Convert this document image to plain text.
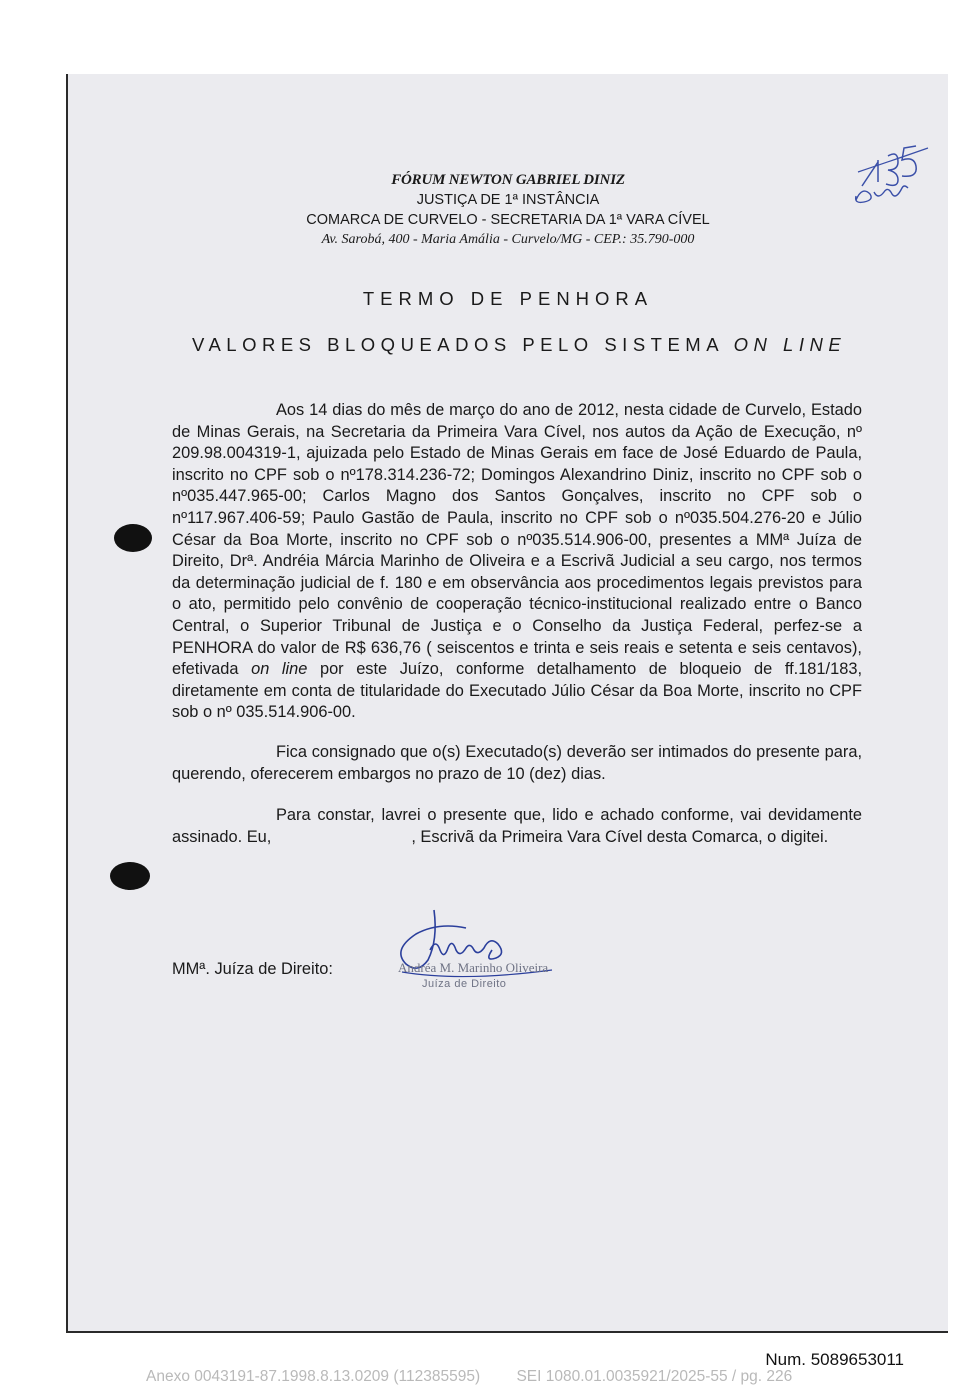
FÓRUM NEWTON GABRIEL DINIZ
JUSTIÇA DE 1ª INSTÂNCIA
COMARCA DE CURVELO - SECRETARIA DA 1ª VARA CÍVEL
Av. Sarobá, 400 - Maria Amália - Curvelo/MG - CEP.: 35.790-000
TERMO DE PENHORA
VALORES BLOQUEADOS PELO SISTEMA ON LINE

Aos 14 dias do mês de março do ano de 2012, nesta cidade de Curvelo, Estado de Minas Gerais, na Secretaria da Primeira Vara Cível, nos autos da Ação de Execução, nº 209.98.004319-1, ajuizada pelo Estado de Minas Gerais em face de José Eduardo de Paula, inscrito no CPF sob o nº178.314.236-72; Domingos Alexandrino Diniz, inscrito no CPF sob o nº035.447.965-00; Carlos Magno dos Santos Gonçalves, inscrito no CPF sob o nº117.967.406-59; Paulo Gastão de Paula, inscrito no CPF sob o nº035.504.276-20 e Júlio César da Boa Morte, inscrito no CPF sob o nº035.514.906-00, presentes a MMª Juíza de Direito, Drª. Andréia Márcia Marinho de Oliveira e a Escrivã Judicial a seu cargo, nos termos da determinação judicial de f. 180 e em observância aos procedimentos legais previstos para o ato, permitido pelo convênio de cooperação técnico-institucional realizado entre o Banco Central, o Superior Tribunal de Justiça e o Conselho da Justiça Federal, perfez-se a PENHORA do valor de R$ 636,76 ( seiscentos e trinta e seis reais e setenta e seis centavos), efetivada on line por este Juízo, conforme detalhamento de bloqueio de ff.181/183, diretamente em conta de titularidade do Executado Júlio César da Boa Morte, inscrito no CPF sob o nº 035.514.906-00.

Fica consignado que o(s) Executado(s) deverão ser intimados do presente para, querendo, oferecerem embargos no prazo de 10 (dez) dias.

Para constar, lavrei o presente que, lido e achado conforme, vai devidamente assinado. Eu,	, Escrivã da Primeira Vara Cível desta Comarca, o digitei.

MMª. Juíza de Direito:	Andréa M. Marinho Oliveira
Juíza de Direito
Num. 5089653011
Anexo 0043191-87.1998.8.13.0209 (112385595) SEI 1080.01.0035921/2025-55 / pg. 226
